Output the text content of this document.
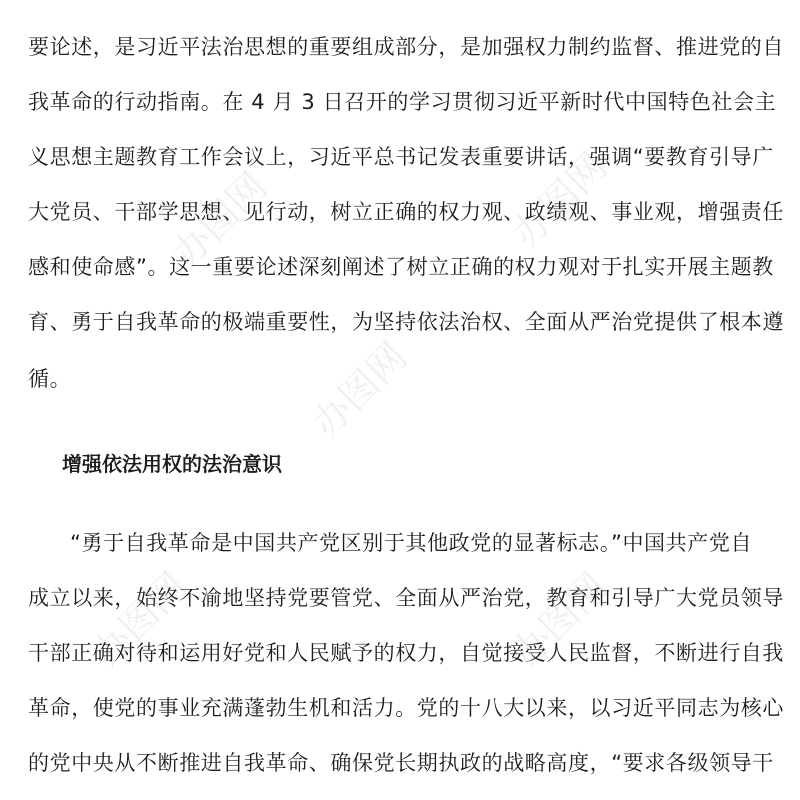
办图网	办图网
办图网
办图网	办图网

要论述，是习近平法治思想的重要组成部分，是加强权力制约监督、推进党的自
我革命的行动指南。在 4 月 3 日召开的学习贯彻习近平新时代中国特色社会主
义思想主题教育工作会议上，习近平总书记发表重要讲话，强调“要教育引导广
大党员、干部学思想、见行动，树立正确的权力观、政绩观、事业观，增强责任
感和使命感”。这一重要论述深刻阐述了树立正确的权力观对于扎实开展主题教
育、勇于自我革命的极端重要性，为坚持依法治权、全面从严治党提供了根本遵
循。
增强依法用权的法治意识
“勇于自我革命是中国共产党区别于其他政党的显著标志。”中国共产党自
成立以来，始终不渝地坚持党要管党、全面从严治党，教育和引导广大党员领导
干部正确对待和运用好党和人民赋予的权力，自觉接受人民监督，不断进行自我
革命，使党的事业充满蓬勃生机和活力。党的十八大以来，以习近平同志为核心
的党中央从不断推进自我革命、确保党长期执政的战略高度，“要求各级领导干
